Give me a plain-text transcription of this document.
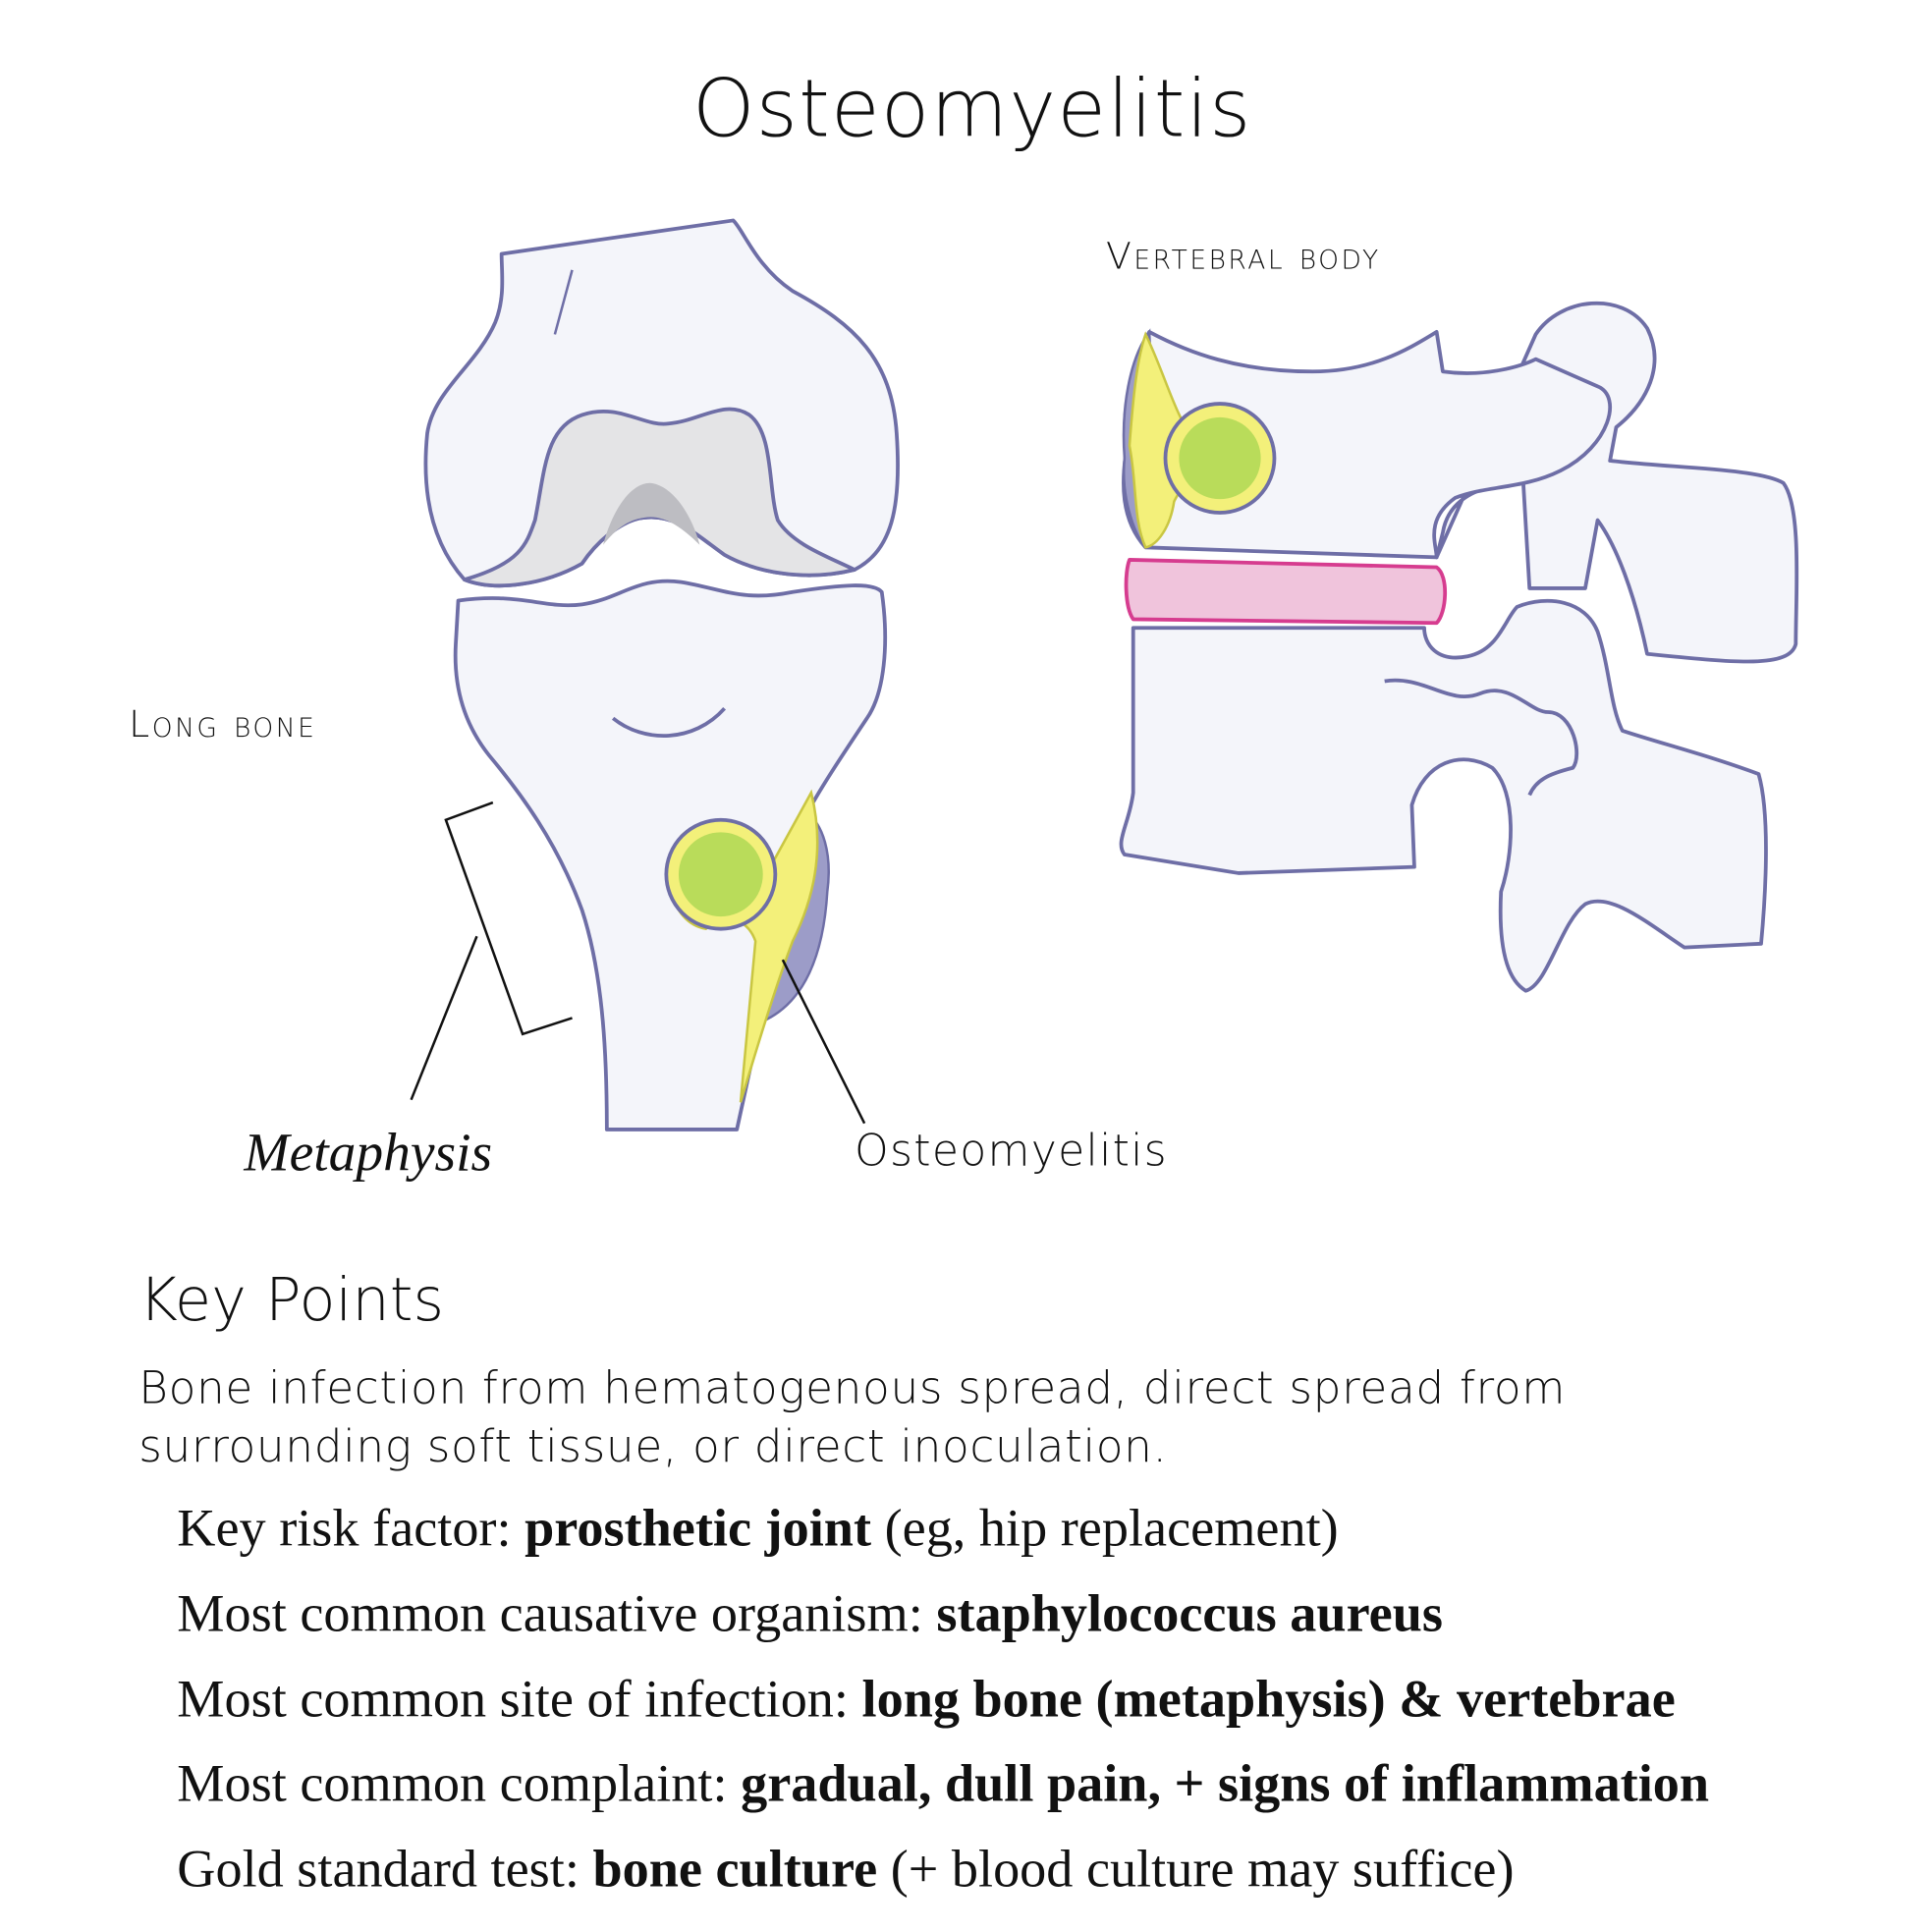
Osteomyelitis
Vertebral body
Long bone
Metaphysis	Osteomyelitis
Key Points
Bone infection from hematogenous spread, direct spread from
surrounding soft tissue, or direct inoculation.
Key risk factor: prosthetic joint (eg, hip replacement)
Most common causative organism: staphylococcus aureus
Most common site of infection: long bone (metaphysis) & vertebrae
Most common complaint: gradual, dull pain, + signs of inflammation
Gold standard test: bone culture (+ blood culture may suffice)
